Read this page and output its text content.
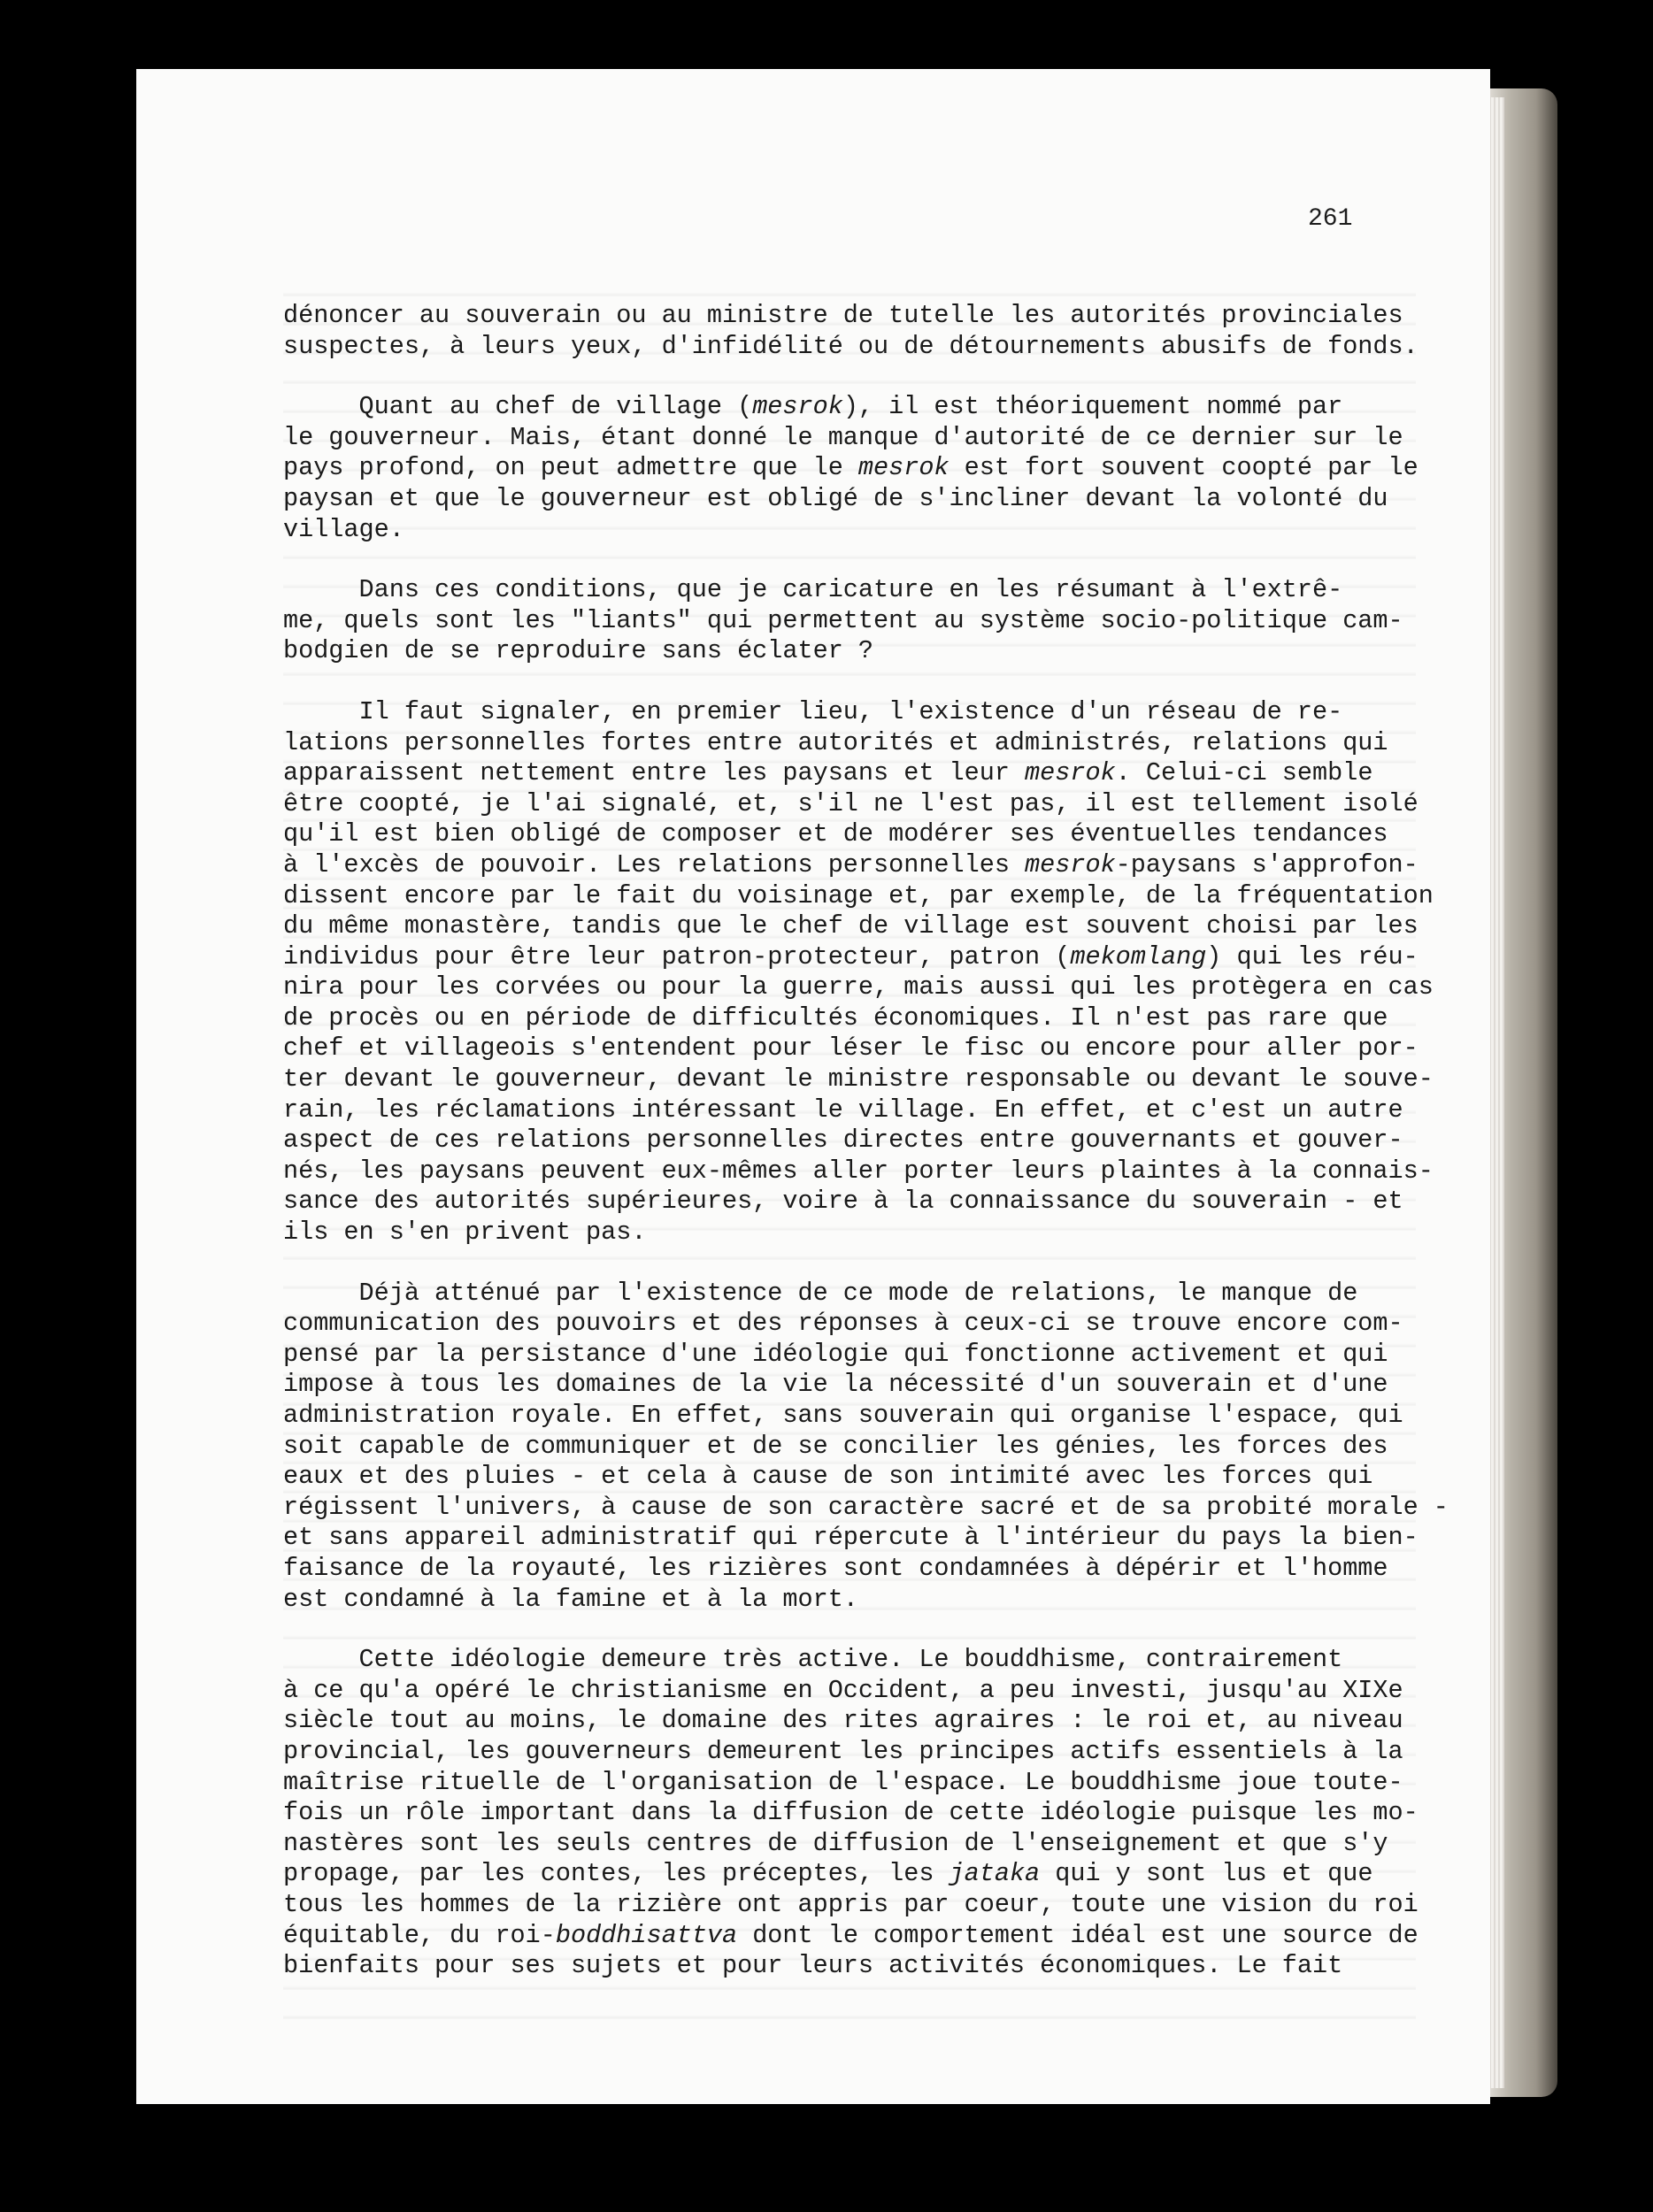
261
dénoncer au souverain ou au ministre de tutelle les autorités provinciales
suspectes, à leurs yeux, d'infidélité ou de détournements abusifs de fonds.
Quant au chef de village (mesrok), il est théoriquement nommé par
le gouverneur. Mais, étant donné le manque d'autorité de ce dernier sur le
pays profond, on peut admettre que le mesrok est fort souvent coopté par le
paysan et que le gouverneur est obligé de s'incliner devant la volonté du
village.
Dans ces conditions, que je caricature en les résumant à l'extrê-
me, quels sont les "liants" qui permettent au système socio-politique cam-
bodgien de se reproduire sans éclater ?
Il faut signaler, en premier lieu, l'existence d'un réseau de re-
lations personnelles fortes entre autorités et administrés, relations qui
apparaissent nettement entre les paysans et leur mesrok. Celui-ci semble
être coopté, je l'ai signalé, et, s'il ne l'est pas, il est tellement isolé
qu'il est bien obligé de composer et de modérer ses éventuelles tendances
à l'excès de pouvoir. Les relations personnelles mesrok-paysans s'approfon-
dissent encore par le fait du voisinage et, par exemple, de la fréquentation
du même monastère, tandis que le chef de village est souvent choisi par les
individus pour être leur patron-protecteur, patron (mekomlang) qui les réu-
nira pour les corvées ou pour la guerre, mais aussi qui les protègera en cas
de procès ou en période de difficultés économiques. Il n'est pas rare que
chef et villageois s'entendent pour léser le fisc ou encore pour aller por-
ter devant le gouverneur, devant le ministre responsable ou devant le souve-
rain, les réclamations intéressant le village. En effet, et c'est un autre
aspect de ces relations personnelles directes entre gouvernants et gouver-
nés, les paysans peuvent eux-mêmes aller porter leurs plaintes à la connais-
sance des autorités supérieures, voire à la connaissance du souverain - et
ils en s'en privent pas.
Déjà atténué par l'existence de ce mode de relations, le manque de
communication des pouvoirs et des réponses à ceux-ci se trouve encore com-
pensé par la persistance d'une idéologie qui fonctionne activement et qui
impose à tous les domaines de la vie la nécessité d'un souverain et d'une
administration royale. En effet, sans souverain qui organise l'espace, qui
soit capable de communiquer et de se concilier les génies, les forces des
eaux et des pluies - et cela à cause de son intimité avec les forces qui
régissent l'univers, à cause de son caractère sacré et de sa probité morale -
et sans appareil administratif qui répercute à l'intérieur du pays la bien-
faisance de la royauté, les rizières sont condamnées à dépérir et l'homme
est condamné à la famine et à la mort.
Cette idéologie demeure très active. Le bouddhisme, contrairement
à ce qu'a opéré le christianisme en Occident, a peu investi, jusqu'au XIXe
siècle tout au moins, le domaine des rites agraires : le roi et, au niveau
provincial, les gouverneurs demeurent les principes actifs essentiels à la
maîtrise rituelle de l'organisation de l'espace. Le bouddhisme joue toute-
fois un rôle important dans la diffusion de cette idéologie puisque les mo-
nastères sont les seuls centres de diffusion de l'enseignement et que s'y
propage, par les contes, les préceptes, les jataka qui y sont lus et que
tous les hommes de la rizière ont appris par coeur, toute une vision du roi
équitable, du roi-boddhisattva dont le comportement idéal est une source de
bienfaits pour ses sujets et pour leurs activités économiques. Le fait
